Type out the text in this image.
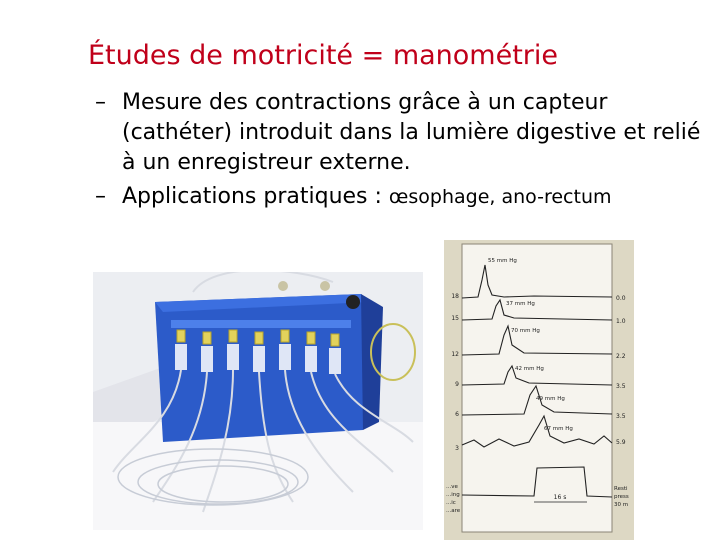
Études de motricité = manométrie
– Mesure des contractions grâce à un capteur (cathéter) introduit dans la lumière digestive et relié à un enregistreur externe.
– Applications pratiques : œsophage, ano-rectum
16 s
55 mm Hg
37 mm Hg
70 mm Hg
42 mm Hg
49 mm Hg
67 mm Hg
18
15
12
9
6
3
...ve
...ing
...ic
...are
0.0
1.0
2.2
3.5
3.5
5.9
Resti
press
30 m
